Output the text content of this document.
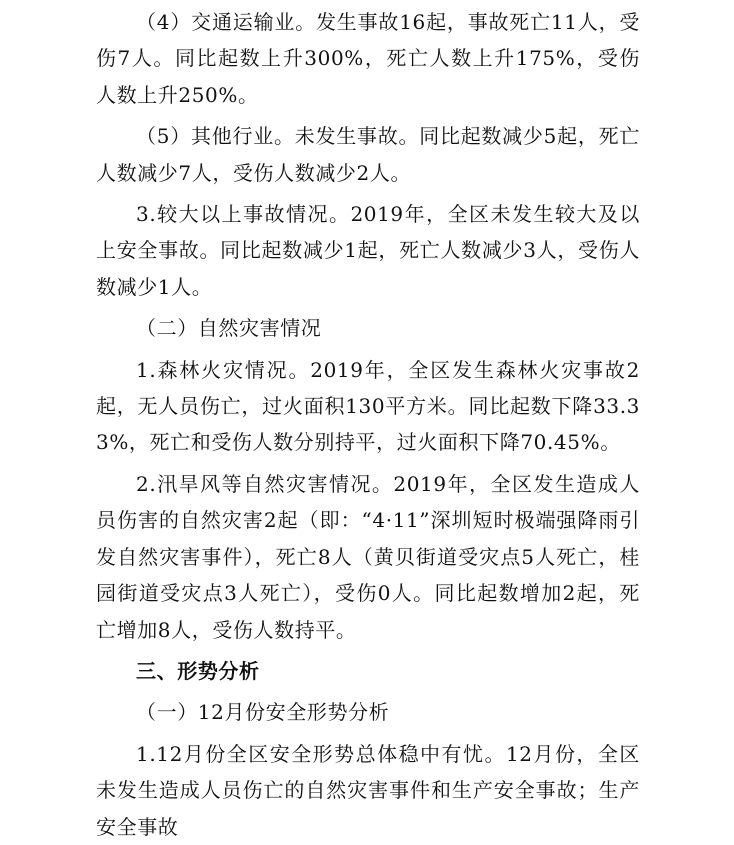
（4）交通运输业。发生事故16起，事故死亡11人，受伤7人。同比起数上升300%，死亡人数上升175%，受伤人数上升250%。

（5）其他行业。未发生事故。同比起数减少5起，死亡人数减少7人，受伤人数减少2人。

3.较大以上事故情况。2019年，全区未发生较大及以上安全事故。同比起数减少1起，死亡人数减少3人，受伤人数减少1人。

（二）自然灾害情况

1.森林火灾情况。2019年，全区发生森林火灾事故2起，无人员伤亡，过火面积130平方米。同比起数下降33.33%，死亡和受伤人数分别持平，过火面积下降70.45%。

2.汛旱风等自然灾害情况。2019年，全区发生造成人员伤害的自然灾害2起（即：“4·11”深圳短时极端强降雨引发自然灾害事件），死亡8人（黄贝街道受灾点5人死亡，桂园街道受灾点3人死亡），受伤0人。同比起数增加2起，死亡增加8人，受伤人数持平。

三、形势分析

（一）12月份安全形势分析

1.12月份全区安全形势总体稳中有忧。12月份，全区未发生造成人员伤亡的自然灾害事件和生产安全事故；生产安全事故
